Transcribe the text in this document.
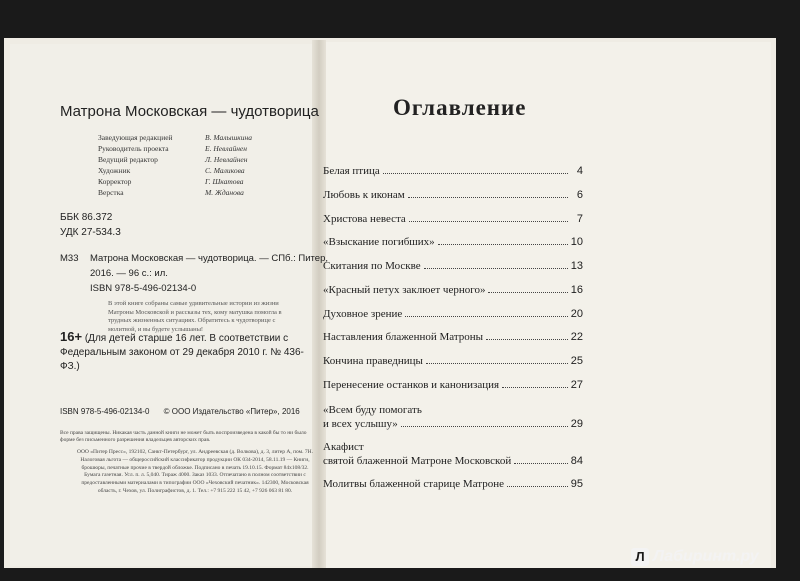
Матрона Московская — чудотворица
Заведующая редакцией	В. Малышкина
Руководитель проекта	Е. Невлайнен
Ведущий редактор	Л. Невлайнен
Художник	С. Маликова
Корректор	Г. Шкатова
Верстка	М. Жданова
ББК 86.372
УДК 27-534.3
М33 Матрона Московская — чудотворица. — СПб.: Питер,
2016. — 96 с.: ил.
ISBN 978-5-496-02134-0
В этой книге собраны самые удивительные истории из жизни Матроны Московской и рассказы тех, кому матушка помогла в трудных жизненных ситуациях. Обратитесь к чудотворице с молитвой, и вы будете услышаны!
16+ (Для детей старше 16 лет. В соответствии с Федеральным законом от 29 декабря 2010 г. № 436-ФЗ.)
ISBN 978-5-496-02134-0 © ООО Издательство «Питер», 2016
Все права защищены. Никакая часть данной книги не может быть воспроизведена в какой бы то ни было форме без письменного разрешения владельцев авторских прав.
ООО «Питер Пресс», 192102, Санкт-Петербург, ул. Андреевская (д. Волкова), д. 3, литер А, пом. 7Н. Налоговая льгота — общероссийский классификатор продукции ОК 034-2014, 58.11.19 — Книги, брошюры, печатные прочие в твердой обложке. Подписано в печать 19.10.15. Формат 84х108/32. Бумага газетная. Усл. п. л. 5,040. Тираж 4000. Заказ 1033. Отпечатано в полном соответствии с предоставленными материалами в типографии ООО «Чеховский печатник». 142300, Московская область, г. Чехов, ул. Полиграфистов, д. 1. Тел.: +7 915 222 15 42, +7 926 063 81 80.
Оглавление
Белая птица	4
Любовь к иконам	6
Христова невеста	7
«Взыскание погибших»	10
Скитания по Москве	13
«Красный петух заклюет черного»	16
Духовное зрение	20
Наставления блаженной Матроны	22
Кончина праведницы	25
Перенесение останков и канонизация	27
«Всем буду помогать
и всех услышу»	29
Акафист
святой блаженной Матроне Московской	84
Молитвы блаженной старице Матроне	95
Л Лабиринт.ру
